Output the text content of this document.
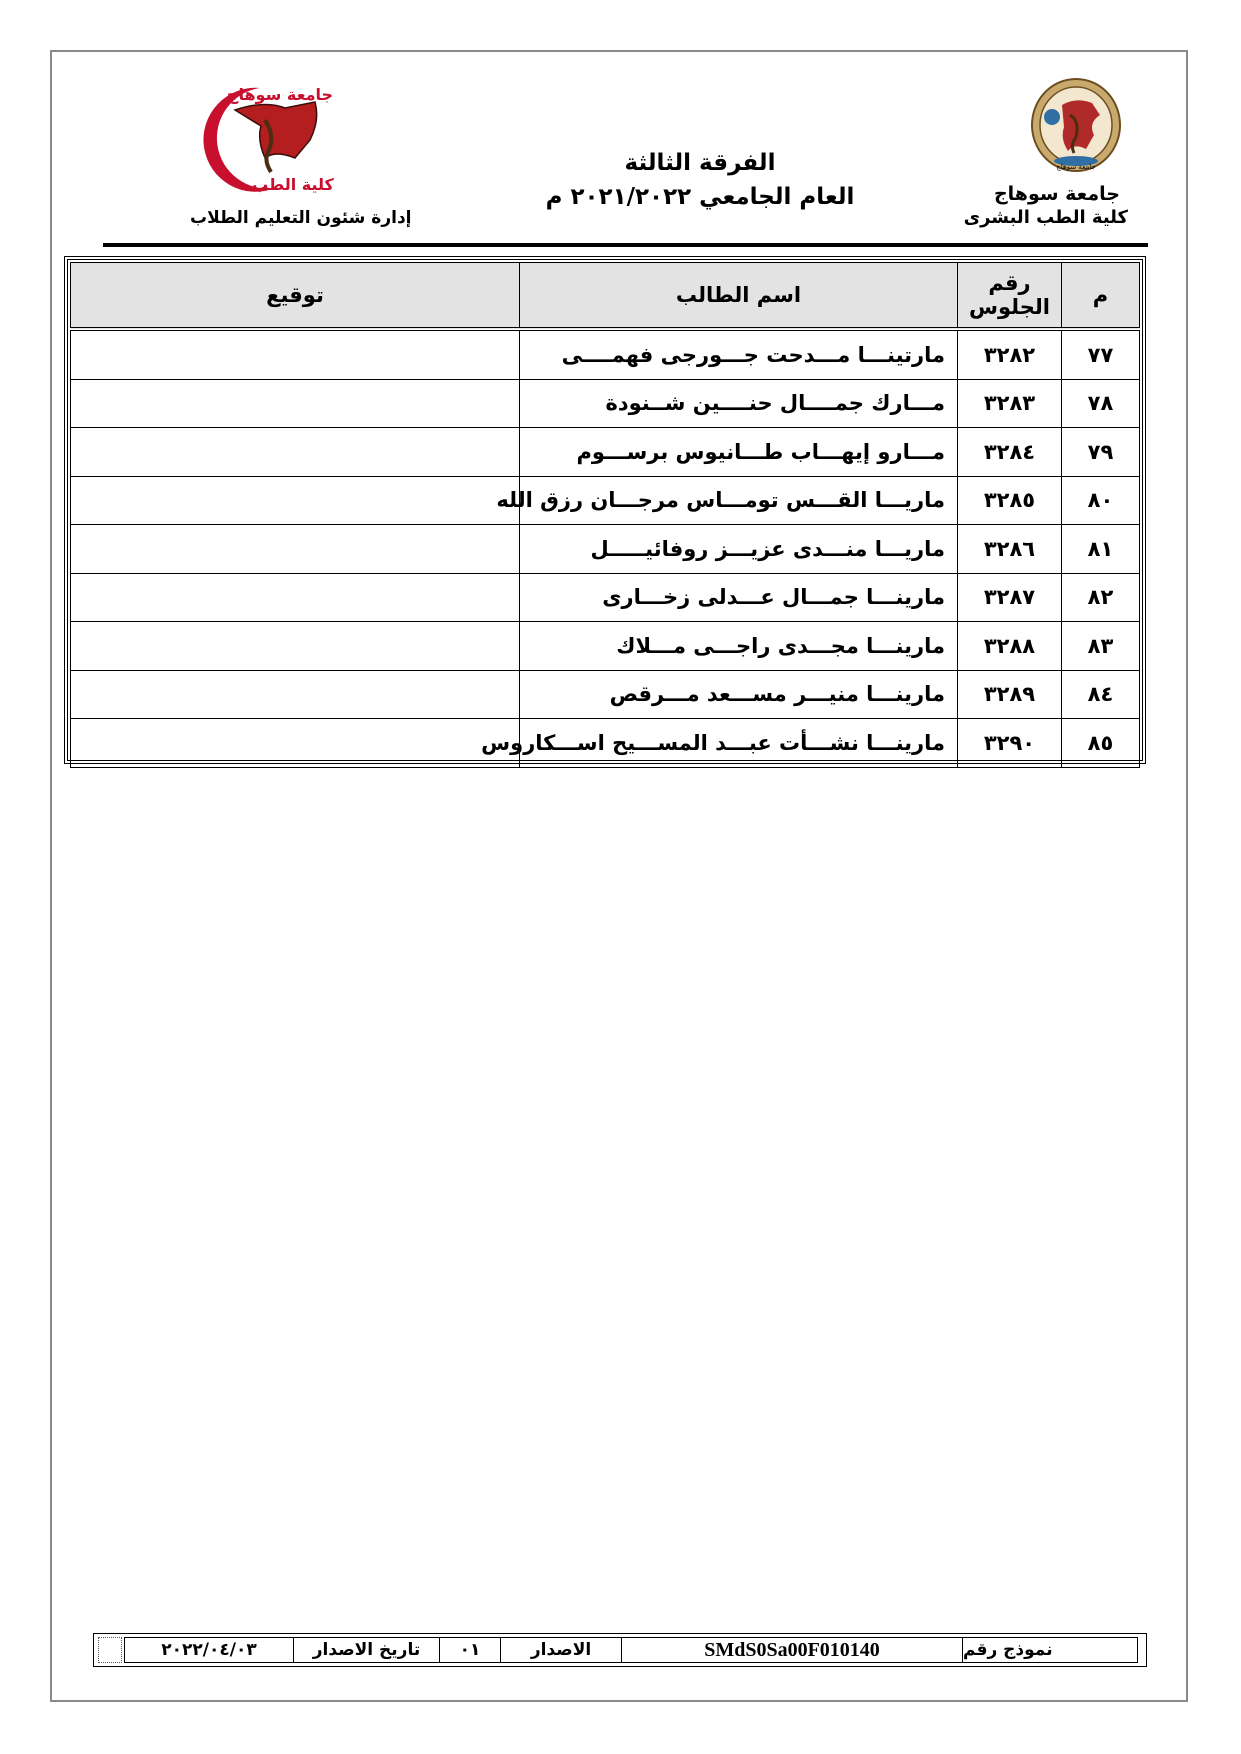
جامعة سوهاج
جامعة سوهاج
كلية الطب	جامعة سوهاج
كلية الطب البشرى
إدارة شئون التعليم الطلاب
الفرقة الثالثة
العام الجامعي ٢٠٢١/٢٠٢٢ م
م	رقم الجلوس	اسم الطالب	توقيع
٧٧	٣٢٨٢	مارتينـــا مـــدحت جـــورجى فهمــــى	
٧٨	٣٢٨٣	مـــارك جمــــال حنــــين شــنودة	
٧٩	٣٢٨٤	مـــارو إيهـــاب طـــانيوس برســـوم	
٨٠	٣٢٨٥	ماريـــا القـــس تومـــاس مرجـــان رزق الله	
٨١	٣٢٨٦	ماريـــا منـــدى عزيـــز روفائيـــــل	
٨٢	٣٢٨٧	مارينـــا جمـــال عـــدلى زخـــارى	
٨٣	٣٢٨٨	مارينـــا مجـــدى راجـــى مـــلاك	
٨٤	٣٢٨٩	مارينـــا منيـــر مســـعد مـــرقص	
٨٥	٣٢٩٠	مارينـــا نشـــأت عبـــد المســـيح اســـكاروس	
نموذج رقم
SMdS0Sa00F010140
الاصدار
٠١
تاريخ الاصدار
٢٠٢٢/٠٤/٠٣
